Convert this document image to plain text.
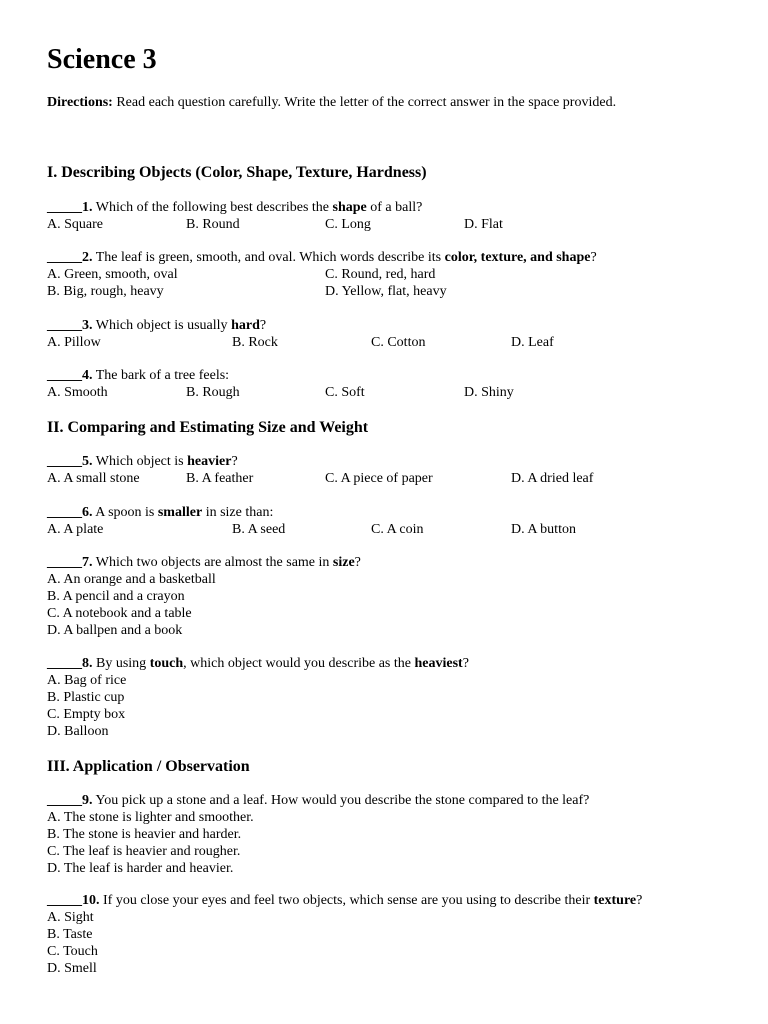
Science 3

Directions: Read each question carefully. Write the letter of the correct answer in the space provided.

I. Describing Objects (Color, Shape, Texture, Hardness)
_____1. Which of the following best describes the shape of a ball?
A. Square	B. Round	C. Long	D. Flat
_____2. The leaf is green, smooth, and oval. Which words describe its color, texture, and shape?
A. Green, smooth, oval	C. Round, red, hard
B. Big, rough, heavy	D. Yellow, flat, heavy
_____3. Which object is usually hard?
A. Pillow	B. Rock	C. Cotton	D. Leaf
_____4. The bark of a tree feels:
A. Smooth	B. Rough	C. Soft	D. Shiny
II. Comparing and Estimating Size and Weight
_____5. Which object is heavier?
A. A small stone	B. A feather	C. A piece of paper	D. A dried leaf
_____6. A spoon is smaller in size than:
A. A plate	B. A seed	C. A coin	D. A button
_____7. Which two objects are almost the same in size?
A. An orange and a basketball
B. A pencil and a crayon
C. A notebook and a table
D. A ballpen and a book
_____8. By using touch, which object would you describe as the heaviest?
A. Bag of rice
B. Plastic cup
C. Empty box
D. Balloon
III. Application / Observation
_____9. You pick up a stone and a leaf. How would you describe the stone compared to the leaf?
A. The stone is lighter and smoother.
B. The stone is heavier and harder.
C. The leaf is heavier and rougher.
D. The leaf is harder and heavier.
_____10. If you close your eyes and feel two objects, which sense are you using to describe their texture?
A. Sight
B. Taste
C. Touch
D. Smell
